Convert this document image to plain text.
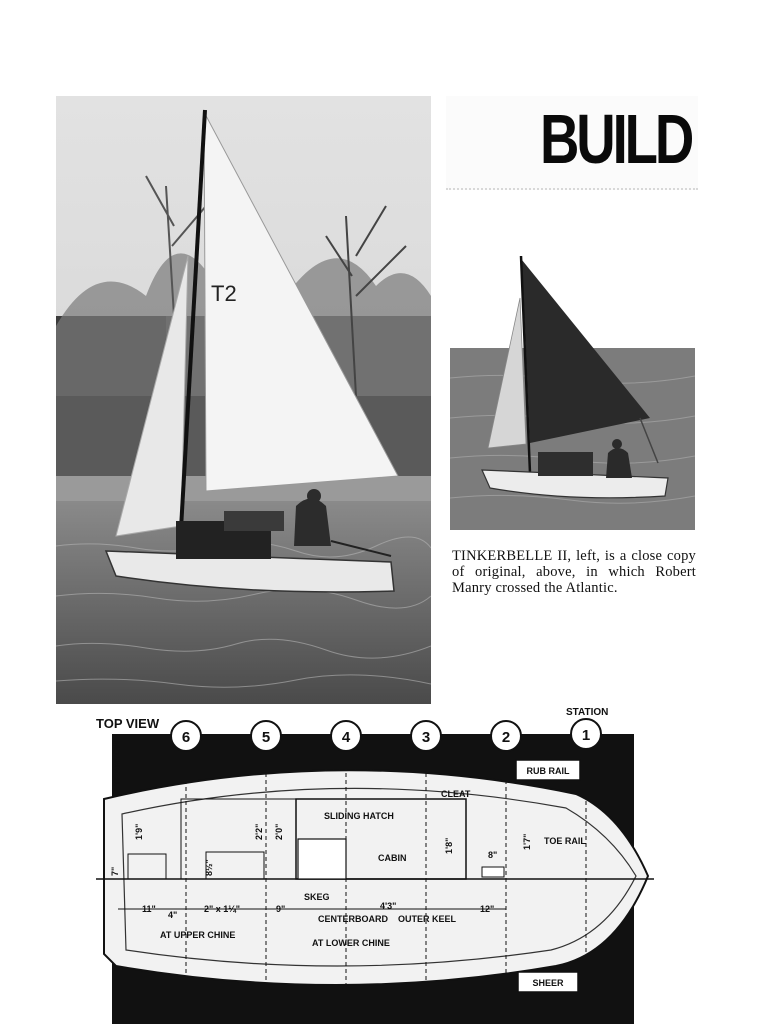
BUILD
T2
TINKERBELLE II, left, is a close copy of original, above, in which Robert Manry crossed the Atlantic.
6	5	4	3	2	1
TOP VIEW
STATION
TRANSOM	RUB RAIL
SHEER
CLEAT
SLIDING HATCH
CABIN
TOE RAIL
SKEG
CENTERBOARD OUTER KEEL
AT UPPER CHINE
AT LOWER CHINE
1'9"
7"
2'2" 2'0"
8½"
1'8"	1'7"
8"
11"
4"
2" x 1¼"	9"	4'3"	12"
